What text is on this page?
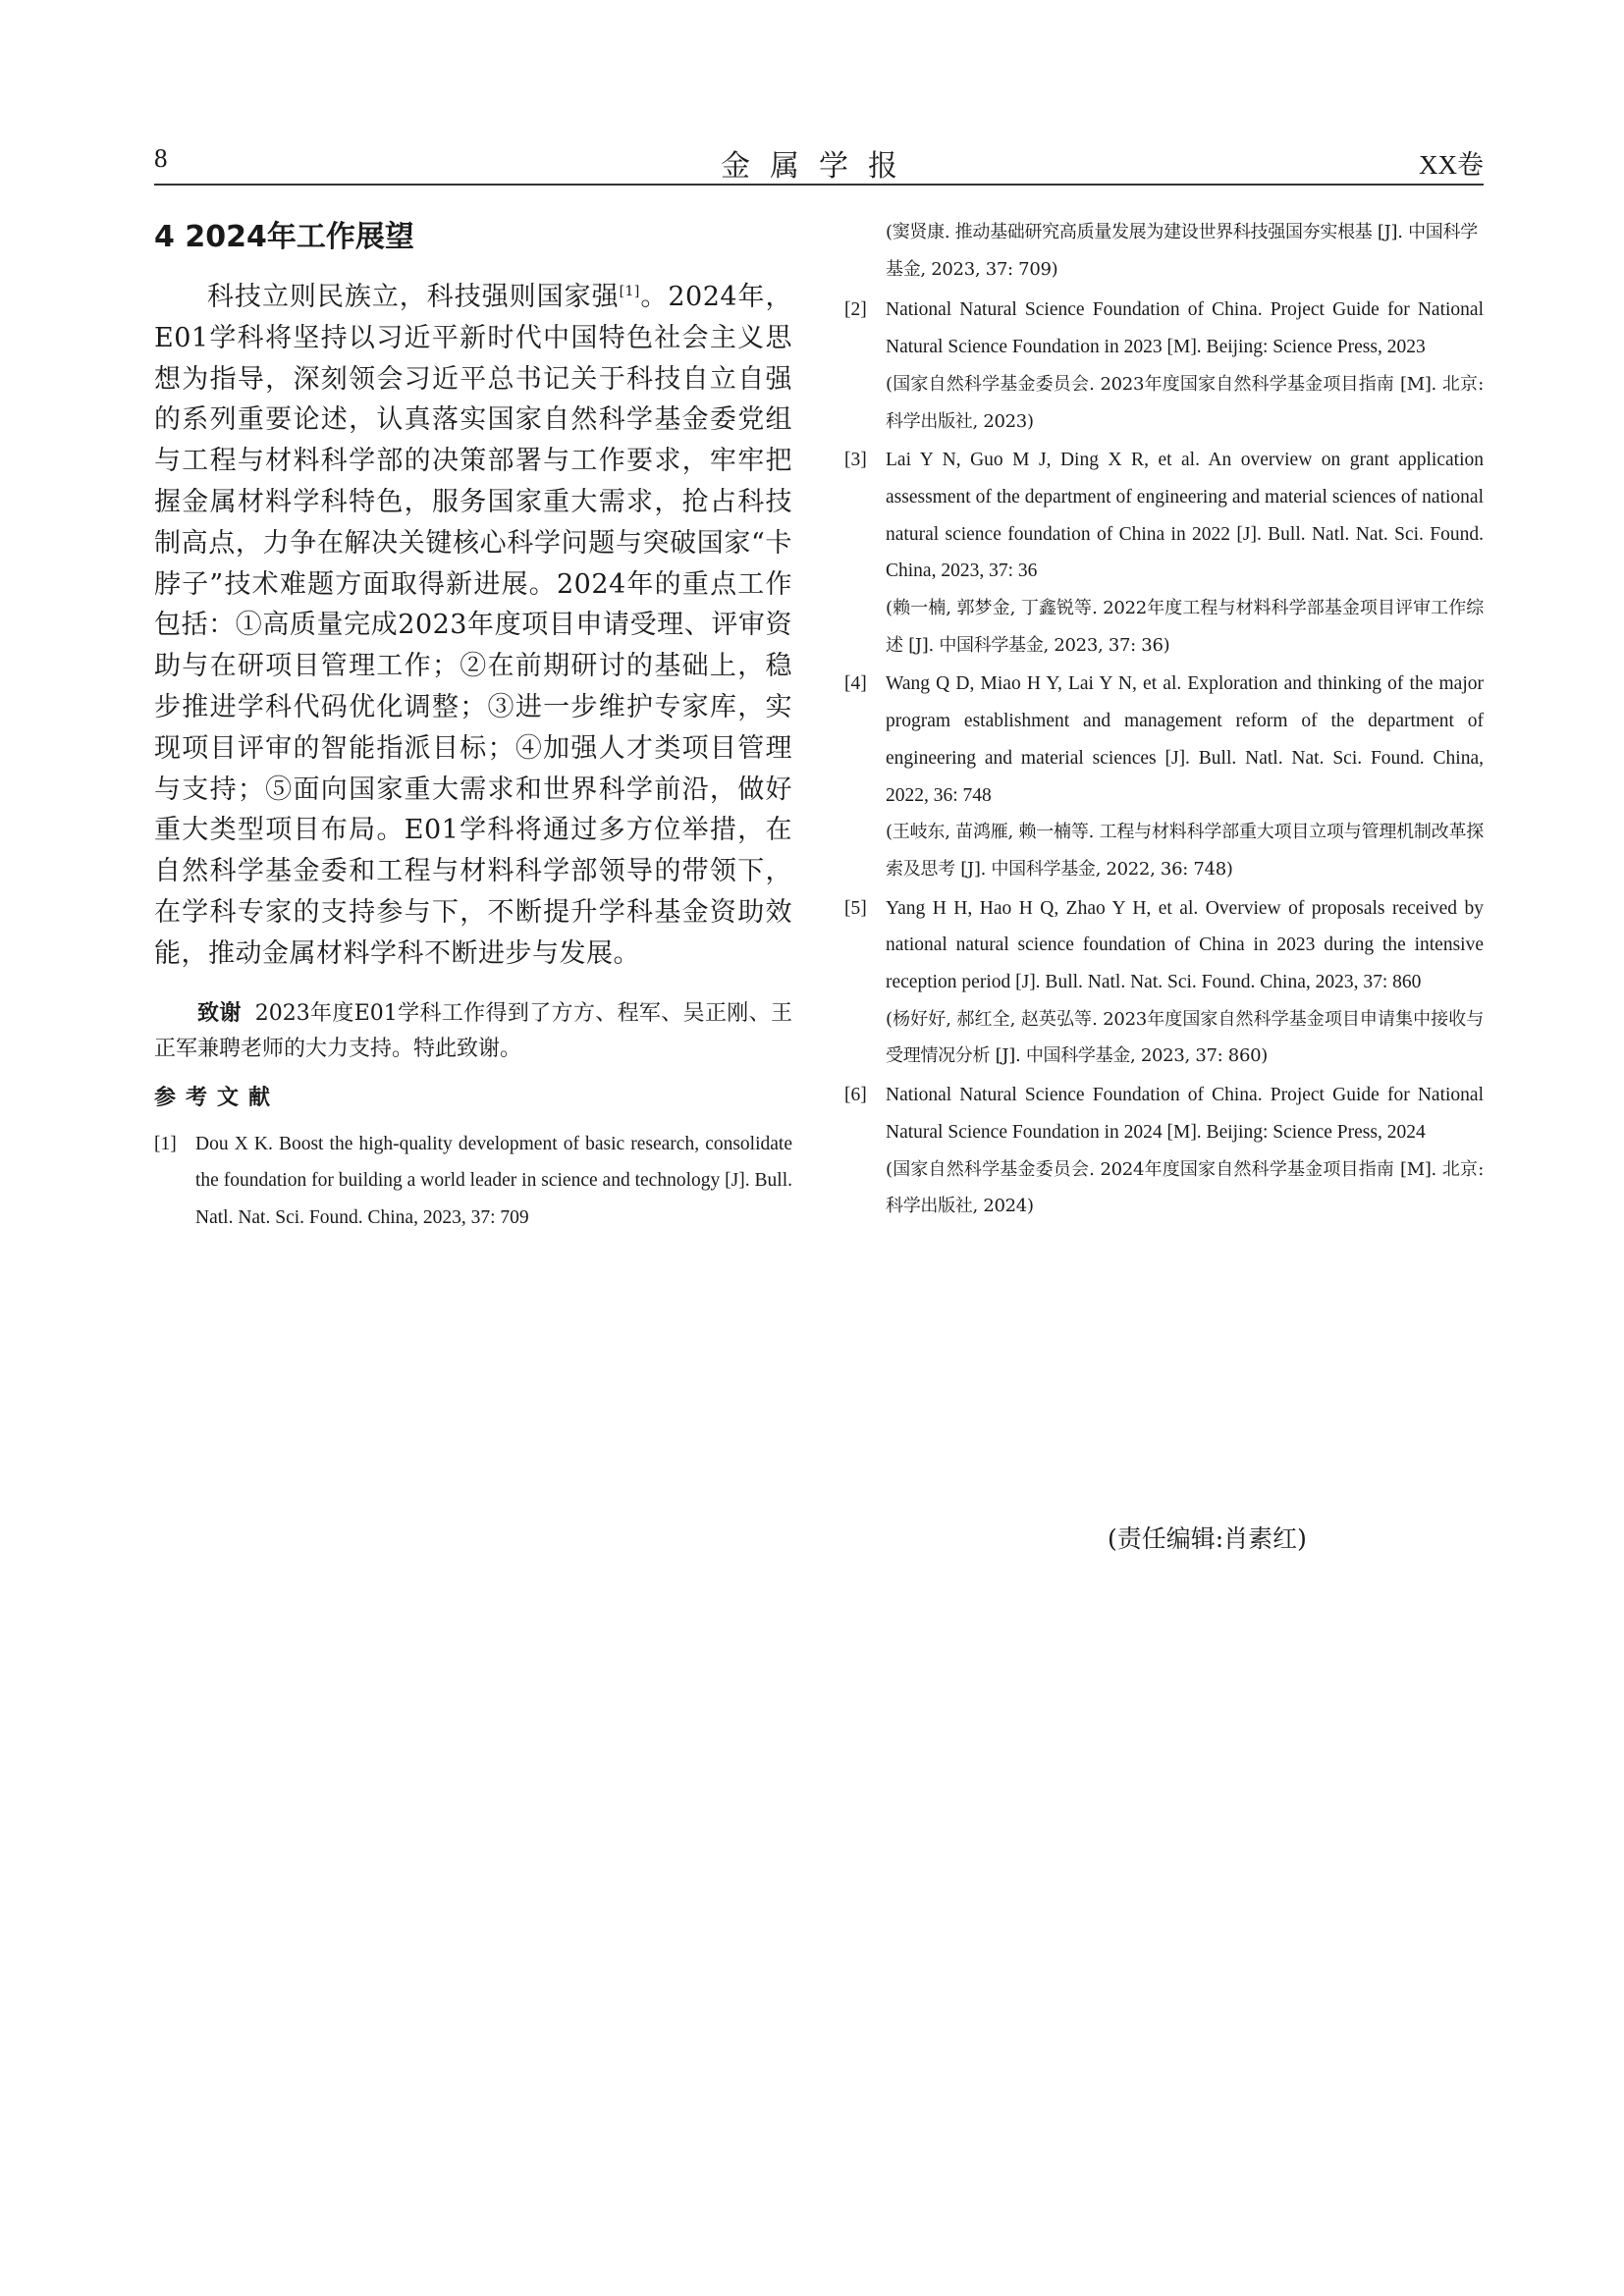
8	金属学报	XX卷
4 2024年工作展望

科技立则民族立，科技强则国家强[1]。2024年，E01学科将坚持以习近平新时代中国特色社会主义思想为指导，深刻领会习近平总书记关于科技自立自强的系列重要论述，认真落实国家自然科学基金委党组与工程与材料科学部的决策部署与工作要求，牢牢把握金属材料学科特色，服务国家重大需求，抢占科技制高点，力争在解决关键核心科学问题与突破国家“卡脖子”技术难题方面取得新进展。2024年的重点工作包括：①高质量完成2023年度项目申请受理、评审资助与在研项目管理工作；②在前期研讨的基础上，稳步推进学科代码优化调整；③进一步维护专家库，实现项目评审的智能指派目标；④加强人才类项目管理与支持；⑤面向国家重大需求和世界科学前沿，做好重大类型项目布局。E01学科将通过多方位举措，在自然科学基金委和工程与材料科学部领导的带领下，在学科专家的支持参与下，不断提升学科基金资助效能，推动金属材料学科不断进步与发展。

致谢 2023年度E01学科工作得到了方方、程军、吴正刚、王正军兼聘老师的大力支持。特此致谢。

参考文献
[1] Dou X K. Boost the high-quality development of basic research, consolidate the foundation for building a world leader in science and technology [J]. Bull. Natl. Nat. Sci. Found. China, 2023, 37: 709
(窦贤康. 推动基础研究高质量发展为建设世界科技强国夯实根基 [J]. 中国科学基金, 2023, 37: 709)
[2] National Natural Science Foundation of China. Project Guide for National Natural Science Foundation in 2023 [M]. Beijing: Science Press, 2023
(国家自然科学基金委员会. 2023年度国家自然科学基金项目指南 [M]. 北京: 科学出版社, 2023)
[3] Lai Y N, Guo M J, Ding X R, et al. An overview on grant application assessment of the department of engineering and material sciences of national natural science foundation of China in 2022 [J]. Bull. Natl. Nat. Sci. Found. China, 2023, 37: 36
(赖一楠, 郭梦金, 丁鑫锐等. 2022年度工程与材料科学部基金项目评审工作综述 [J]. 中国科学基金, 2023, 37: 36)
[4] Wang Q D, Miao H Y, Lai Y N, et al. Exploration and thinking of the major program establishment and management reform of the department of engineering and material sciences [J]. Bull. Natl. Nat. Sci. Found. China, 2022, 36: 748
(王岐东, 苗鸿雁, 赖一楠等. 工程与材料科学部重大项目立项与管理机制改革探索及思考 [J]. 中国科学基金, 2022, 36: 748)
[5] Yang H H, Hao H Q, Zhao Y H, et al. Overview of proposals received by national natural science foundation of China in 2023 during the intensive reception period [J]. Bull. Natl. Nat. Sci. Found. China, 2023, 37: 860
(杨好好, 郝红全, 赵英弘等. 2023年度国家自然科学基金项目申请集中接收与受理情况分析 [J]. 中国科学基金, 2023, 37: 860)
[6] National Natural Science Foundation of China. Project Guide for National Natural Science Foundation in 2024 [M]. Beijing: Science Press, 2024
(国家自然科学基金委员会. 2024年度国家自然科学基金项目指南 [M]. 北京: 科学出版社, 2024)
(责任编辑:肖素红)
